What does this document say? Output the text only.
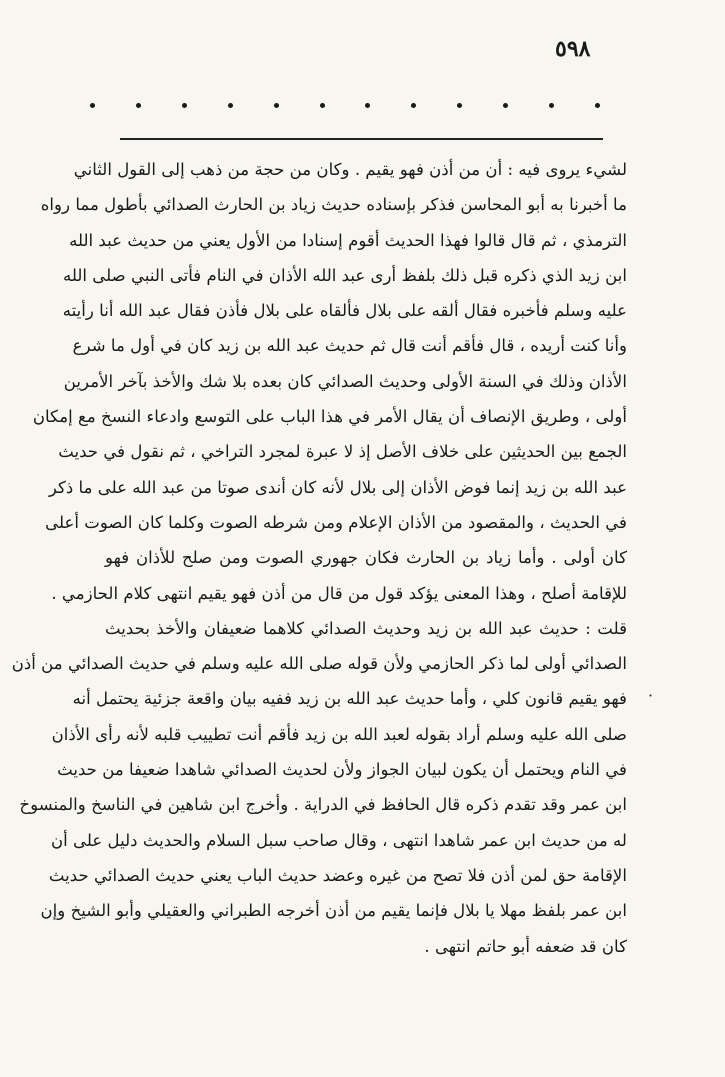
٥٩٨
لشيء يروى فيه : أن من أذن فهو يقيم . وكان من حجة من ذهب إلى القول الثاني
ما أخبرنا به أبو المحاسن فذكر بإسناده حديث زياد بن الحارث الصدائي بأطول مما رواه
الترمذي ، ثم قال قالوا فهذا الحديث أقوم إسنادا من الأول يعني من حديث عبد الله
ابن زيد الذي ذكره قبل ذلك بلفظ أرى عبد الله الأذان في النام فأتى النبي صلى الله
عليه وسلم فأخبره فقال ألقه على بلال فألقاه على بلال فأذن فقال عبد الله أنا رأيته
وأنا كنت أريده ، قال فأقم أنت قال ثم حديث عبد الله بن زيد كان في أول ما شرع
الأذان وذلك في السنة الأولى وحديث الصدائي كان بعده بلا شك والأخذ بآخر الأمرين
أولى ، وطريق الإنصاف أن يقال الأمر في هذا الباب على التوسع وادعاء النسخ مع إمكان
الجمع بين الحديثين على خلاف الأصل إذ لا عبرة لمجرد التراخي ، ثم نقول في حديث
عبد الله بن زيد إنما فوض الأذان إلى بلال لأنه كان أندى صوتا من عبد الله على ما ذكر
في الحديث ، والمقصود من الأذان الإعلام ومن شرطه الصوت وكلما كان الصوت أعلى
كان أولى . وأما زياد بن الحارث فكان جهوري الصوت ومن صلح للأذان فهو
للإقامة أصلح ، وهذا المعنى يؤكد قول من قال من أذن فهو يقيم انتهى كلام الحازمي .
قلت : حديث عبد الله بن زيد وحديث الصدائي كلاهما ضعيفان والأخذ بحديث
الصدائي أولى لما ذكر الحازمي ولأن قوله صلى الله عليه وسلم في حديث الصدائي من أذن
فهو يقيم قانون كلي ، وأما حديث عبد الله بن زيد ففيه بيان واقعة جزئية يحتمل أنه
صلى الله عليه وسلم أراد بقوله لعبد الله بن زيد فأقم أنت تطييب قلبه لأنه رأى الأذان
في النام ويحتمل أن يكون لبيان الجواز ولأن لحديث الصدائي شاهدا ضعيفا من حديث
ابن عمر وقد تقدم ذكره قال الحافظ في الدراية . وأخرج ابن شاهين في الناسخ والمنسوخ
له من حديث ابن عمر شاهدا انتهى ، وقال صاحب سبل السلام والحديث دليل على أن
الإقامة حق لمن أذن فلا تصح من غيره وعضد حديث الباب يعني حديث الصدائي حديث
ابن عمر بلفظ مهلا يا بلال فإنما يقيم من أذن أخرجه الطبراني والعقيلي وأبو الشيخ وإن
كان قد ضعفه أبو حاتم انتهى .
·
